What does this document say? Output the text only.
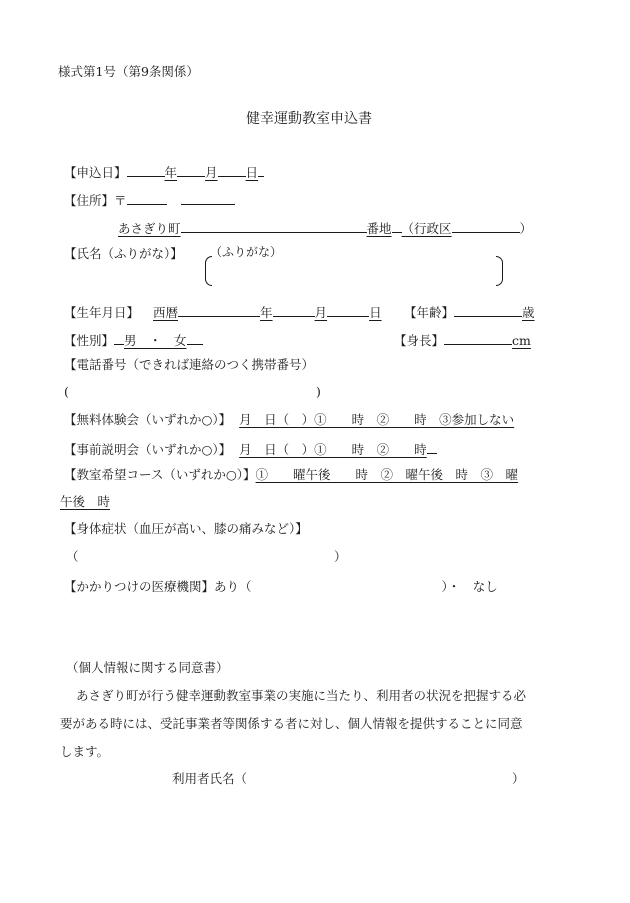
様式第1号（第9条関係）
健幸運動教室申込書
【申込日】	年 月 日
【住所】〒
あさぎり町	番地 （行政区	）
【氏名（ふりがな）】 （ふりがな）
【生年月日】 西暦	年	月	日 【年齢】	歳
【性別】 男　・　女	【身長】	cm
【電話番号（できれば連絡のつく携帯番号）
(	)
【無料体験会（いずれか○）】 月　日（　）①　　時　②　　時　③参加しない
【事前説明会（いずれか○）】 月　日（　）①　　時　②　　時
【教室希望コース（いずれか○）】①　　曜午後　　時　②　曜午後　時　③　曜
午後　時
【身体症状（血圧が高い、膝の痛みなど）】
（	）
【かかりつけの医療機関】あり（	）・　なし
（個人情報に関する同意書）
あさぎり町が行う健幸運動教室事業の実施に当たり、利用者の状況を把握する必
要がある時には、受託事業者等関係する者に対し、個人情報を提供することに同意
します。
利用者氏名（	）
